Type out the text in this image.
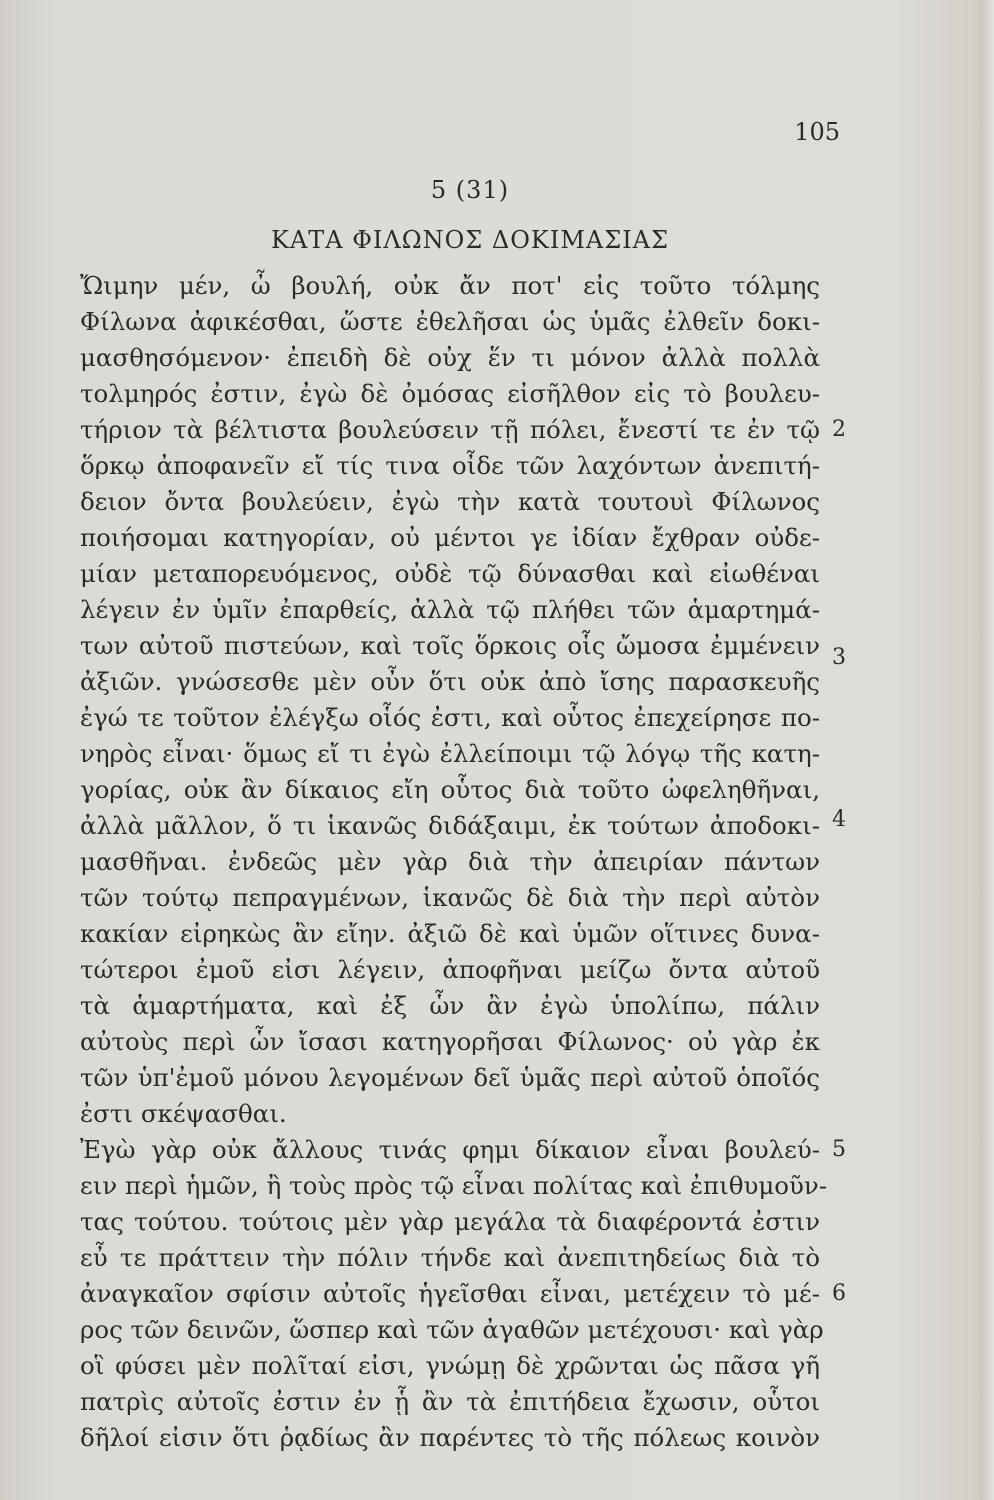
105
5 (31)
ΚΑΤΑ ΦΙΛΩΝΟΣ ΔΟΚΙΜΑΣΙΑΣ
Ὤιμην μέν, ὦ βουλή, οὐκ ἄν ποτ' εἰς τοῦτο τόλμης
Φίλωνα ἀφικέσθαι, ὥστε ἐθελῆσαι ὡς ὑμᾶς ἐλθεῖν δοκι-
μασθησόμενον· ἐπειδὴ δὲ οὐχ ἕν τι μόνον ἀλλὰ πολλὰ
τολμηρός ἐστιν, ἐγὼ δὲ ὀμόσας εἰσῆλθον εἰς τὸ βουλευ-
τήριον τὰ βέλτιστα βουλεύσειν τῇ πόλει, ἔνεστί τε ἐν τῷ
ὅρκῳ ἀποφανεῖν εἴ τίς τινα οἶδε τῶν λαχόντων ἀνεπιτή-
δειον ὄντα βουλεύειν, ἐγὼ τὴν κατὰ τουτουὶ Φίλωνος
ποιήσομαι κατηγορίαν, οὐ μέντοι γε ἰδίαν ἔχθραν οὐδε-
μίαν μεταπορευόμενος, οὐδὲ τῷ δύνασθαι καὶ εἰωθέναι
λέγειν ἐν ὑμῖν ἐπαρθείς, ἀλλὰ τῷ πλήθει τῶν ἁμαρτημά-
των αὐτοῦ πιστεύων, καὶ τοῖς ὅρκοις οἷς ὤμοσα ἐμμένειν
ἀξιῶν. γνώσεσθε μὲν οὖν ὅτι οὐκ ἀπὸ ἴσης παρασκευῆς
ἐγώ τε τοῦτον ἐλέγξω οἷός ἐστι, καὶ οὗτος ἐπεχείρησε πο-
νηρὸς εἶναι· ὅμως εἴ τι ἐγὼ ἐλλείποιμι τῷ λόγῳ τῆς κατη-
γορίας, οὐκ ἂν δίκαιος εἴη οὗτος διὰ τοῦτο ὠφεληθῆναι,
ἀλλὰ μᾶλλον, ὅ τι ἱκανῶς διδάξαιμι, ἐκ τούτων ἀποδοκι-
μασθῆναι. ἐνδεῶς μὲν γὰρ διὰ τὴν ἀπειρίαν πάντων
τῶν τούτῳ πεπραγμένων, ἱκανῶς δὲ διὰ τὴν περὶ αὐτὸν
κακίαν εἰρηκὼς ἂν εἴην. ἀξιῶ δὲ καὶ ὑμῶν οἵτινες δυνα-
τώτεροι ἐμοῦ εἰσι λέγειν, ἀποφῆναι μείζω ὄντα αὐτοῦ
τὰ ἁμαρτήματα, καὶ ἐξ ὧν ἂν ἐγὼ ὑπολίπω, πάλιν
αὐτοὺς περὶ ὧν ἴσασι κατηγορῆσαι Φίλωνος· οὐ γὰρ ἐκ
τῶν ὑπ'ἐμοῦ μόνου λεγομένων δεῖ ὑμᾶς περὶ αὐτοῦ ὁποῖός
ἐστι σκέψασθαι.
Ἐγὼ γὰρ οὐκ ἄλλους τινάς φημι δίκαιον εἶναι βουλεύ-
ειν περὶ ἡμῶν, ἢ τοὺς πρὸς τῷ εἶναι πολίτας καὶ ἐπιθυμοῦν-
τας τούτου. τούτοις μὲν γὰρ μεγάλα τὰ διαφέροντά ἐστιν
εὖ τε πράττειν τὴν πόλιν τήνδε καὶ ἀνεπιτηδείως διὰ τὸ
ἀναγκαῖον σφίσιν αὐτοῖς ἡγεῖσθαι εἶναι, μετέχειν τὸ μέ-
ρος τῶν δεινῶν, ὥσπερ καὶ τῶν ἀγαθῶν μετέχουσι· καὶ γὰρ
οἳ φύσει μὲν πολῖταί εἰσι, γνώμῃ δὲ χρῶνται ὡς πᾶσα γῆ
πατρὶς αὐτοῖς ἐστιν ἐν ᾗ ἂν τὰ ἐπιτήδεια ἔχωσιν, οὗτοι
δῆλοί εἰσιν ὅτι ῥᾳδίως ἂν παρέντες τὸ τῆς πόλεως κοινὸν
2
3
4
5
6
